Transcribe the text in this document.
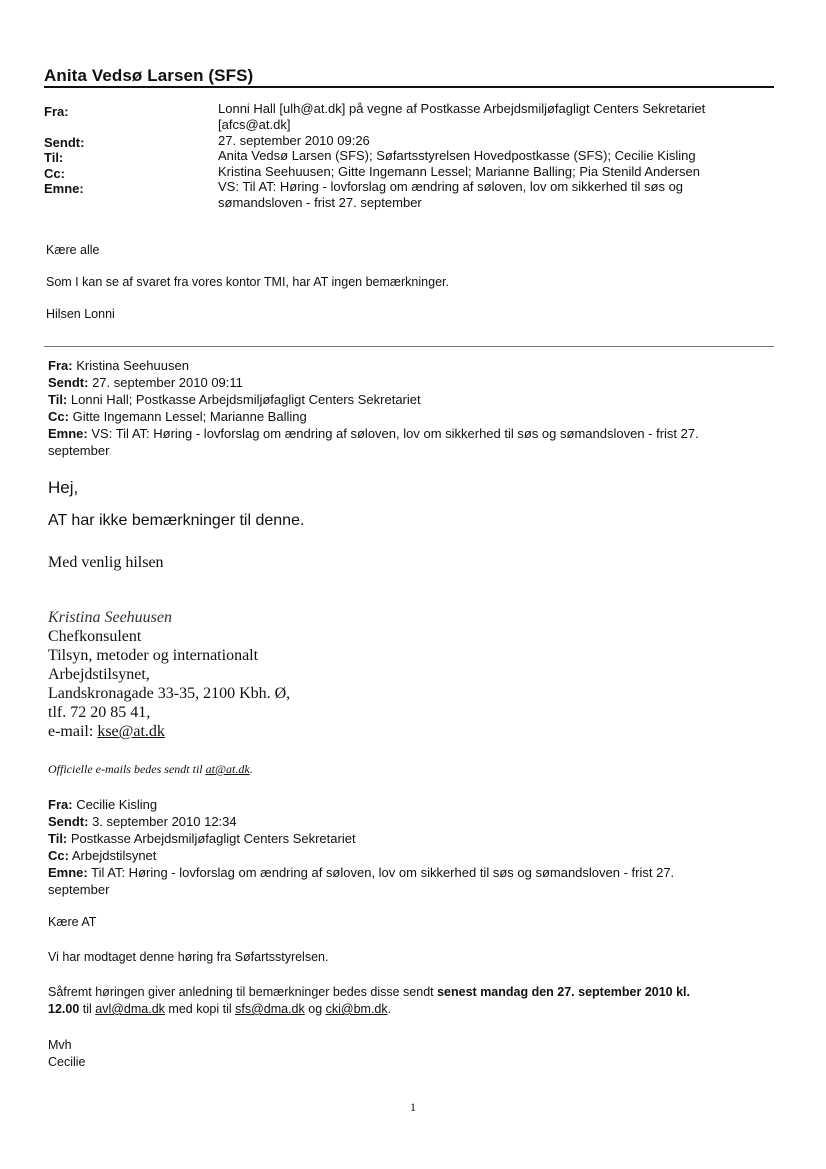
Anita Vedsø Larsen (SFS)
Fra:	Lonni Hall [ulh@at.dk] på vegne af Postkasse Arbejdsmiljøfagligt Centers Sekretariet
[afcs@at.dk]
Sendt:	27. september 2010 09:26
Til:	Anita Vedsø Larsen (SFS); Søfartsstyrelsen Hovedpostkasse (SFS); Cecilie Kisling
Cc:	Kristina Seehuusen; Gitte Ingemann Lessel; Marianne Balling; Pia Stenild Andersen
Emne:	VS: Til AT: Høring - lovforslag om ændring af søloven, lov om sikkerhed til søs og
sømandsloven - frist 27. september
Kære alle
Som I kan se af svaret fra vores kontor TMI, har AT ingen bemærkninger.
Hilsen Lonni
Fra: Kristina Seehuusen
Sendt: 27. september 2010 09:11
Til: Lonni Hall; Postkasse Arbejdsmiljøfagligt Centers Sekretariet
Cc: Gitte Ingemann Lessel; Marianne Balling
Emne: VS: Til AT: Høring - lovforslag om ændring af søloven, lov om sikkerhed til søs og sømandsloven - frist 27.
september
Hej,
AT har ikke bemærkninger til denne.
Med venlig hilsen
Kristina Seehuusen
Chefkonsulent
Tilsyn, metoder og internationalt
Arbejdstilsynet,
Landskronagade 33-35, 2100 Kbh. Ø,
tlf. 72 20 85 41,
e-mail: kse@at.dk
Officielle e-mails bedes sendt til at@at.dk.
Fra: Cecilie Kisling
Sendt: 3. september 2010 12:34
Til: Postkasse Arbejdsmiljøfagligt Centers Sekretariet
Cc: Arbejdstilsynet
Emne: Til AT: Høring - lovforslag om ændring af søloven, lov om sikkerhed til søs og sømandsloven - frist 27.
september
Kære AT
Vi har modtaget denne høring fra Søfartsstyrelsen.
Såfremt høringen giver anledning til bemærkninger bedes disse sendt senest mandag den 27. september 2010 kl.
12.00 til avl@dma.dk med kopi til sfs@dma.dk og cki@bm.dk.
Mvh
Cecilie
1
